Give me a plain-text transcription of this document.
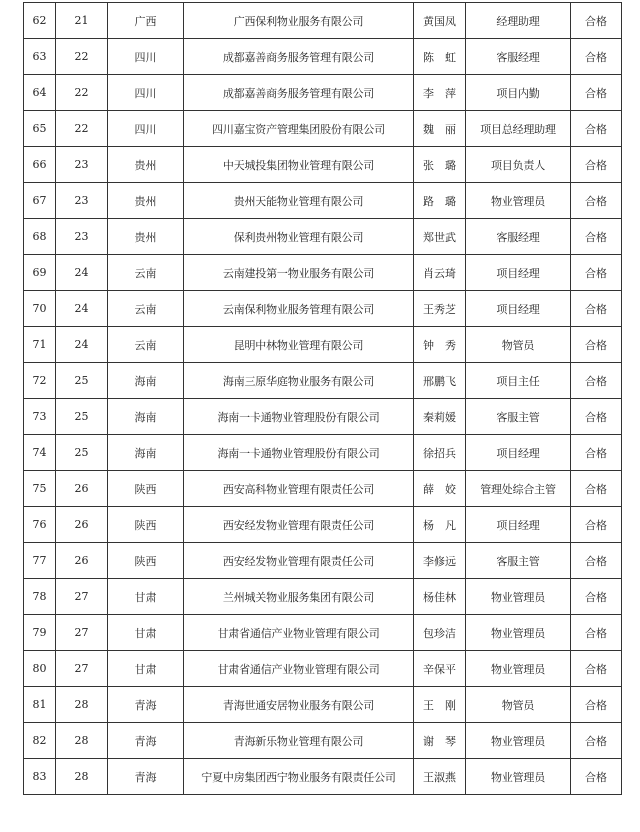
62	21	广西	广西保利物业服务有限公司	黄国凤	经理助理	合格
63	22	四川	成都嘉善商务服务管理有限公司	陈　虹	客服经理	合格
64	22	四川	成都嘉善商务服务管理有限公司	李　萍	项目内勤	合格
65	22	四川	四川嘉宝资产管理集团股份有限公司	魏　丽	项目总经理助理	合格
66	23	贵州	中天城投集团物业管理有限公司	张　璐	项目负责人	合格
67	23	贵州	贵州天能物业管理有限公司	路　璐	物业管理员	合格
68	23	贵州	保利贵州物业管理有限公司	郑世武	客服经理	合格
69	24	云南	云南建投第一物业服务有限公司	肖云琦	项目经理	合格
70	24	云南	云南保利物业服务管理有限公司	王秀芝	项目经理	合格
71	24	云南	昆明中林物业管理有限公司	钟　秀	物管员	合格
72	25	海南	海南三原华庭物业服务有限公司	邢鹏飞	项目主任	合格
73	25	海南	海南一卡通物业管理股份有限公司	秦莉媛	客服主管	合格
74	25	海南	海南一卡通物业管理股份有限公司	徐招兵	项目经理	合格
75	26	陕西	西安高科物业管理有限责任公司	薛　姣	管理处综合主管	合格
76	26	陕西	西安经发物业管理有限责任公司	杨　凡	项目经理	合格
77	26	陕西	西安经发物业管理有限责任公司	李修远	客服主管	合格
78	27	甘肃	兰州城关物业服务集团有限公司	杨佳林	物业管理员	合格
79	27	甘肃	甘肃省通信产业物业管理有限公司	包珍洁	物业管理员	合格
80	27	甘肃	甘肃省通信产业物业管理有限公司	辛保平	物业管理员	合格
81	28	青海	青海世通安居物业服务有限公司	王　刚	物管员	合格
82	28	青海	青海新乐物业管理有限公司	谢　琴	物业管理员	合格
83	28	青海	宁夏中房集团西宁物业服务有限责任公司	王淑燕	物业管理员	合格
